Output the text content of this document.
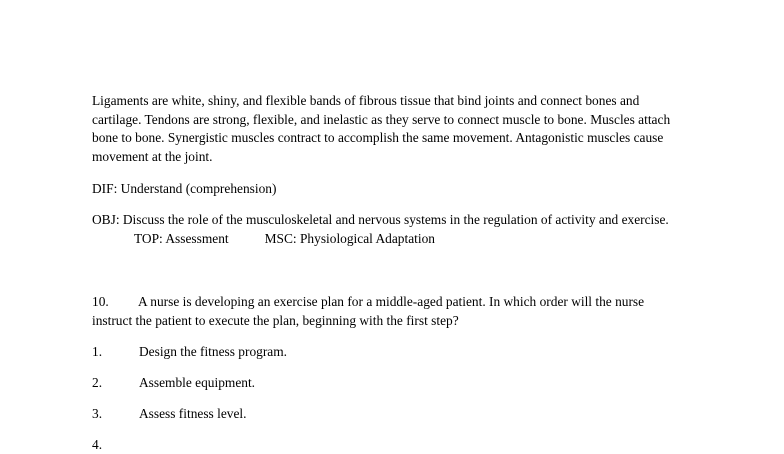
Ligaments are white, shiny, and flexible bands of fibrous tissue that bind joints and connect bones and cartilage. Tendons are strong, flexible, and inelastic as they serve to connect muscle to bone. Muscles attach bone to bone. Synergistic muscles contract to accomplish the same movement. Antagonistic muscles cause movement at the joint.

DIF: Understand (comprehension)

OBJ: Discuss the role of the musculoskeletal and nervous systems in the regulation of activity and exercise.TOP: Assessment	MSC: Physiological Adaptation

10. A nurse is developing an exercise plan for a middle-aged patient. In which order will the nurse instruct the patient to execute the plan, beginning with the first step?

1.	Design the fitness program.
2.	Assemble equipment.
3.	Assess fitness level.
4.
